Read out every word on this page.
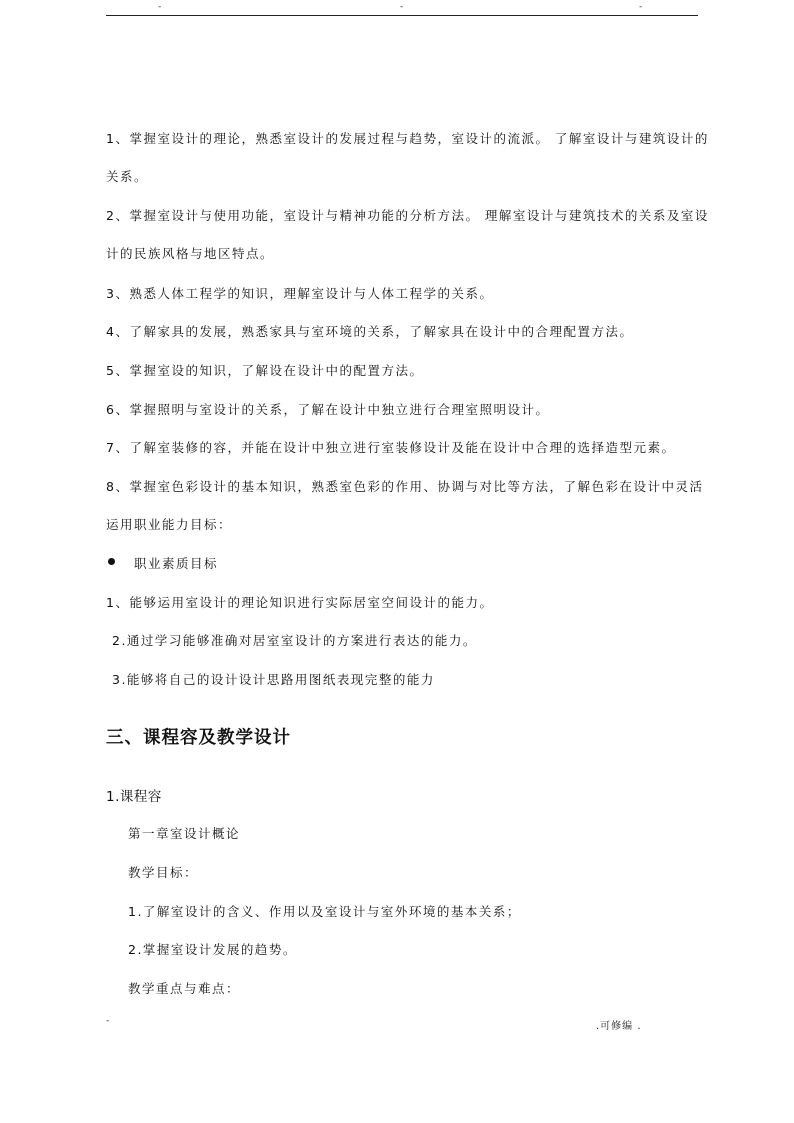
-	-	-
1、掌握室设计的理论，熟悉室设计的发展过程与趋势，室设计的流派。 了解室设计与建筑设计的
关系。
2、掌握室设计与使用功能，室设计与精神功能的分析方法。 理解室设计与建筑技术的关系及室设
计的民族风格与地区特点。
3、熟悉人体工程学的知识，理解室设计与人体工程学的关系。
4、了解家具的发展，熟悉家具与室环境的关系，了解家具在设计中的合理配置方法。
5、掌握室设的知识，了解设在设计中的配置方法。
6、掌握照明与室设计的关系，了解在设计中独立进行合理室照明设计。
7、了解室装修的容，并能在设计中独立进行室装修设计及能在设计中合理的选择造型元素。
8、掌握室色彩设计的基本知识，熟悉室色彩的作用、协调与对比等方法，了解色彩在设计中灵活
运用职业能力目标：
职业素质目标
1、能够运用室设计的理论知识进行实际居室空间设计的能力。
2.通过学习能够准确对居室室设计的方案进行表达的能力。
3.能够将自己的设计设计思路用图纸表现完整的能力
三、课程容及教学设计
1.课程容
第一章室设计概论
教学目标：
1.了解室设计的含义、作用以及室设计与室外环境的基本关系；
2.掌握室设计发展的趋势。
教学重点与难点：
-	.可修编 .
